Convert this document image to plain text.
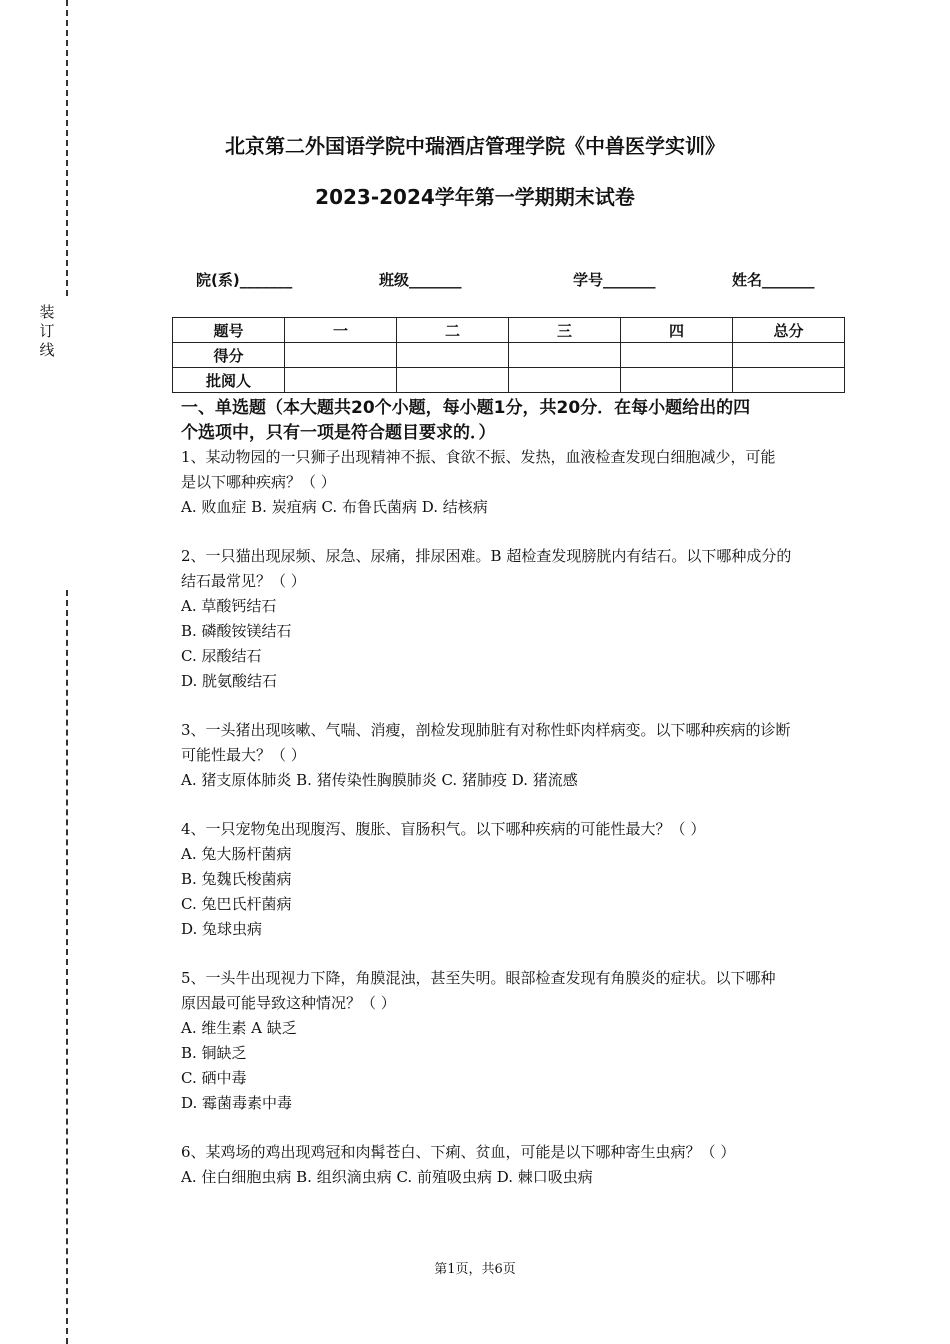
装订线
北京第二外国语学院中瑞酒店管理学院《中兽医学实训》
2023-2024学年第一学期期末试卷
院(系)_______	班级_______	学号_______	姓名_______
题号	一	二	三	四	总分
得分					
批阅人					
一、单选题（本大题共20个小题，每小题1分，共20分．在每小题给出的四
个选项中，只有一项是符合题目要求的．）
1、某动物园的一只狮子出现精神不振、食欲不振、发热，血液检查发现白细胞减少，可能
是以下哪种疾病？（ ）
A. 败血症 B. 炭疽病 C. 布鲁氏菌病 D. 结核病
2、一只猫出现尿频、尿急、尿痛，排尿困难。B 超检查发现膀胱内有结石。以下哪种成分的
结石最常见？（ ）
A. 草酸钙结石
B. 磷酸铵镁结石
C. 尿酸结石
D. 胱氨酸结石
3、一头猪出现咳嗽、气喘、消瘦，剖检发现肺脏有对称性虾肉样病变。以下哪种疾病的诊断
可能性最大？（ ）
A. 猪支原体肺炎 B. 猪传染性胸膜肺炎 C. 猪肺疫 D. 猪流感
4、一只宠物兔出现腹泻、腹胀、盲肠积气。以下哪种疾病的可能性最大？（ ）
A. 兔大肠杆菌病
B. 兔魏氏梭菌病
C. 兔巴氏杆菌病
D. 兔球虫病
5、一头牛出现视力下降，角膜混浊，甚至失明。眼部检查发现有角膜炎的症状。以下哪种
原因最可能导致这种情况？（ ）
A. 维生素 A 缺乏
B. 铜缺乏
C. 硒中毒
D. 霉菌毒素中毒
6、某鸡场的鸡出现鸡冠和肉髯苍白、下痢、贫血，可能是以下哪种寄生虫病？（ ）
A. 住白细胞虫病 B. 组织滴虫病 C. 前殖吸虫病 D. 棘口吸虫病
第1页，共6页
